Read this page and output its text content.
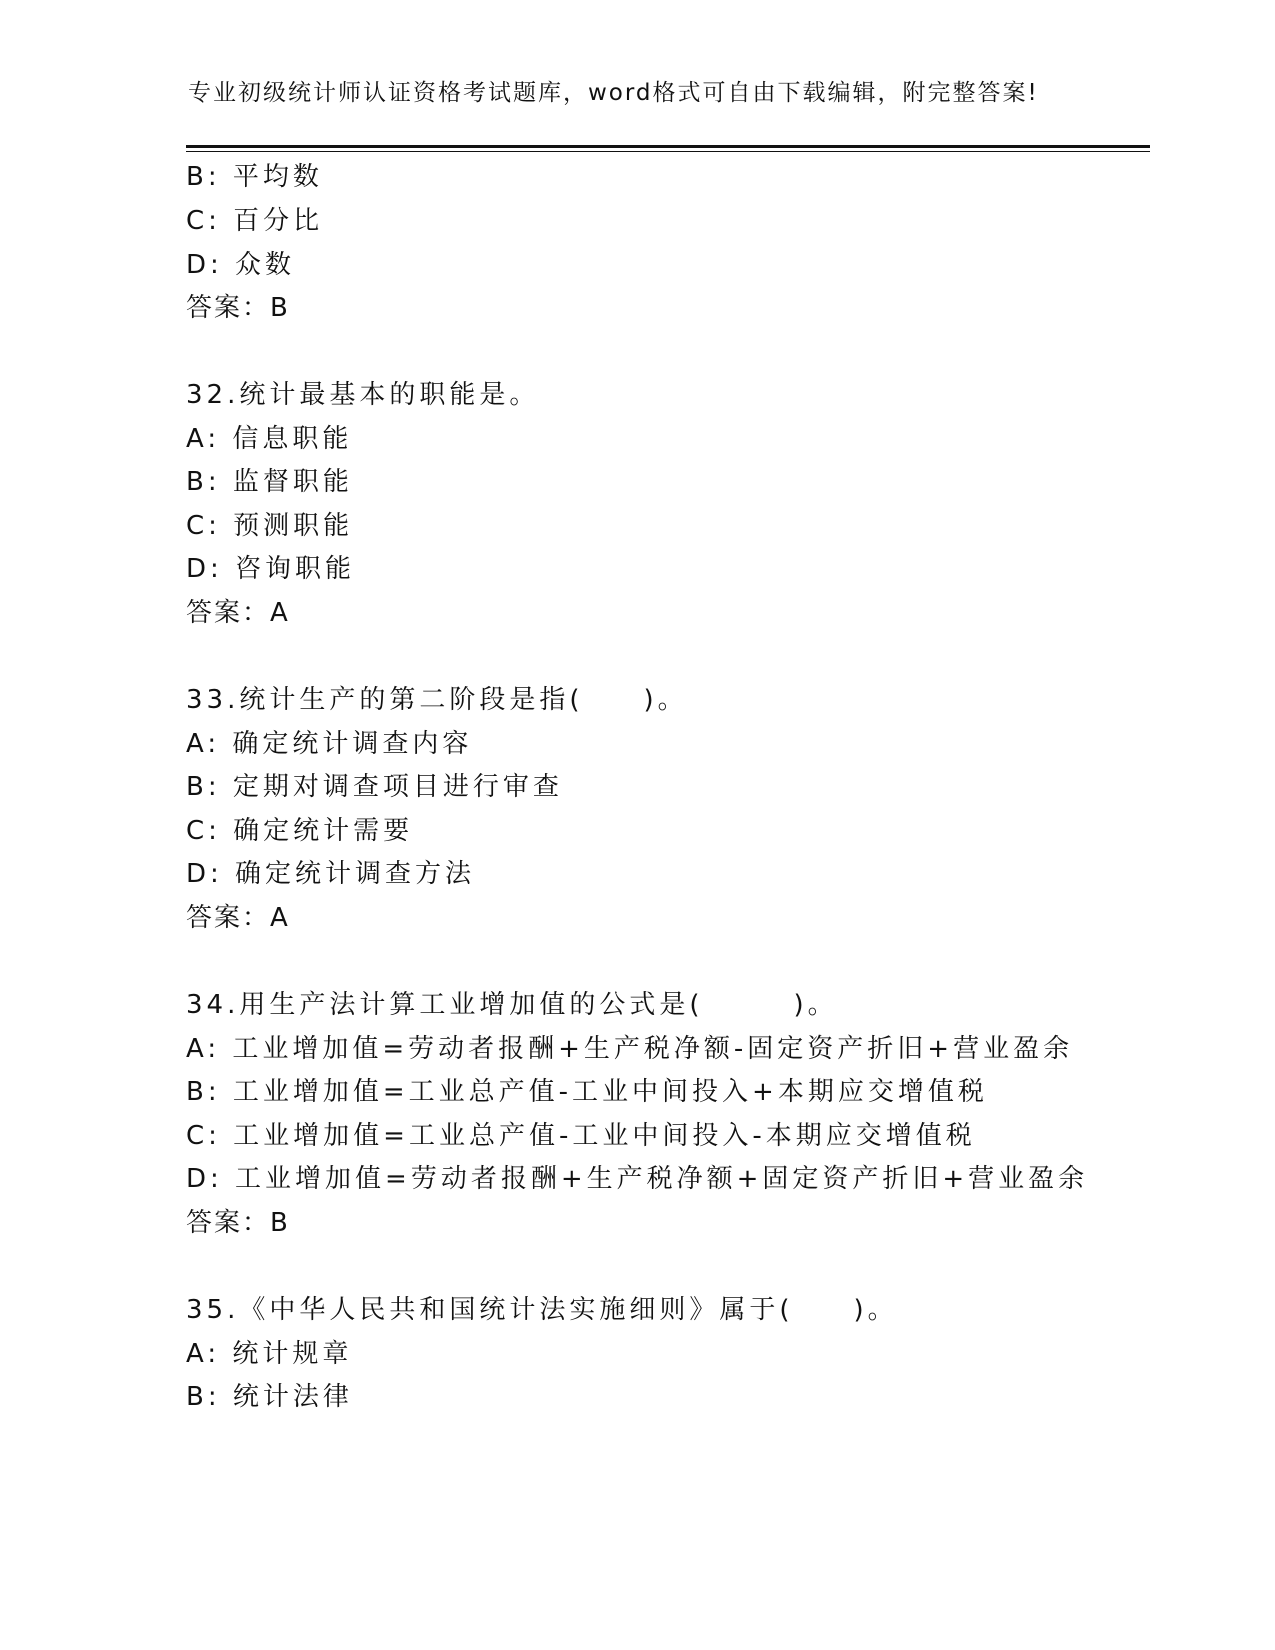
专业初级统计师认证资格考试题库，word格式可自由下载编辑，附完整答案!
B: 平均数
C: 百分比
D: 众数
答案：B
32.统计最基本的职能是。
A: 信息职能
B: 监督职能
C: 预测职能
D: 咨询职能
答案：A
33.统计生产的第二阶段是指(　　)。
A: 确定统计调查内容
B: 定期对调查项目进行审查
C: 确定统计需要
D: 确定统计调查方法
答案：A
34.用生产法计算工业增加值的公式是(　　　)。
A: 工业增加值=劳动者报酬+生产税净额-固定资产折旧+营业盈余
B: 工业增加值=工业总产值-工业中间投入+本期应交增值税
C: 工业增加值=工业总产值-工业中间投入-本期应交增值税
D: 工业增加值=劳动者报酬+生产税净额+固定资产折旧+营业盈余
答案：B
35.《中华人民共和国统计法实施细则》属于(　　)。
A: 统计规章
B: 统计法律
